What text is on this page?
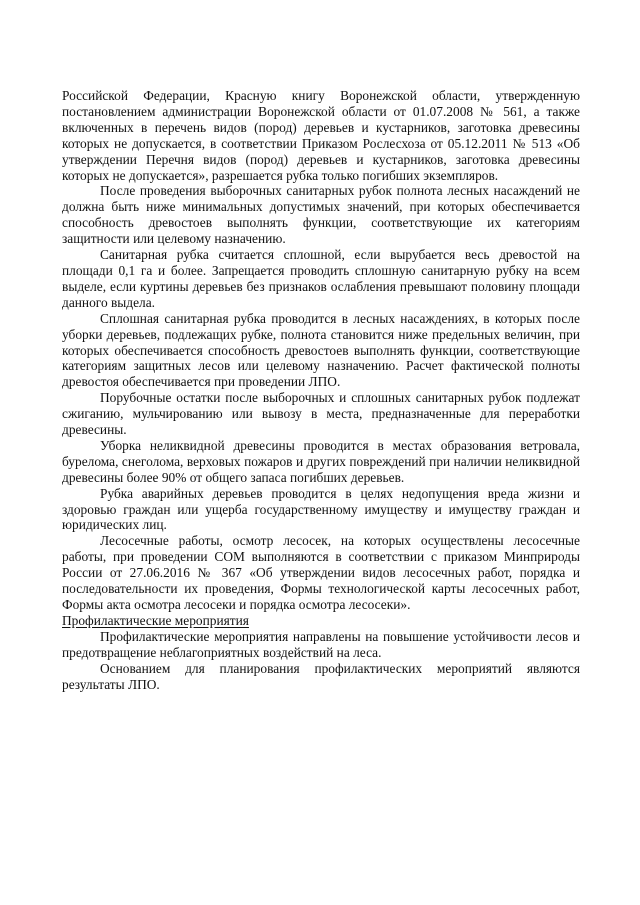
Российской Федерации, Красную книгу Воронежской области, утвержденную постановлением администрации Воронежской области от 01.07.2008 № 561, а также включенных в перечень видов (пород) деревьев и кустарников, заготовка древесины которых не допускается, в соответствии Приказом Рослесхоза от 05.12.2011 № 513 «Об утверждении Перечня видов (пород) деревьев и кустарников, заготовка древесины которых не допускается», разрешается рубка только погибших экземпляров.

После проведения выборочных санитарных рубок полнота лесных насаждений не должна быть ниже минимальных допустимых значений, при которых обеспечивается способность древостоев выполнять функции, соответствующие их категориям защитности или целевому назначению.

Санитарная рубка считается сплошной, если вырубается весь древостой на площади 0,1 га и более. Запрещается проводить сплошную санитарную рубку на всем выделе, если куртины деревьев без признаков ослабления превышают половину площади данного выдела.

Сплошная санитарная рубка проводится в лесных насаждениях, в которых после уборки деревьев, подлежащих рубке, полнота становится ниже предельных величин, при которых обеспечивается способность древостоев выполнять функции, соответствующие категориям защитных лесов или целевому назначению. Расчет фактической полноты древостоя обеспечивается при проведении ЛПО.

Порубочные остатки после выборочных и сплошных санитарных рубок подлежат сжиганию, мульчированию или вывозу в места, предназначенные для переработки древесины.

Уборка неликвидной древесины проводится в местах образования ветровала, бурелома, снеголома, верховых пожаров и других повреждений при наличии неликвидной древесины более 90% от общего запаса погибших деревьев.

Рубка аварийных деревьев проводится в целях недопущения вреда жизни и здоровью граждан или ущерба государственному имуществу и имуществу граждан и юридических лиц.

Лесосечные работы, осмотр лесосек, на которых осуществлены лесосечные работы, при проведении СОМ выполняются в соответствии с приказом Минприроды России от 27.06.2016 № 367 «Об утверждении видов лесосечных работ, порядка и последовательности их проведения, Формы технологической карты лесосечных работ, Формы акта осмотра лесосеки и порядка осмотра лесосеки».

Профилактические мероприятия

Профилактические мероприятия направлены на повышение устойчивости лесов и предотвращение неблагоприятных воздействий на леса.

Основанием для планирования профилактических мероприятий являются результаты ЛПО.
